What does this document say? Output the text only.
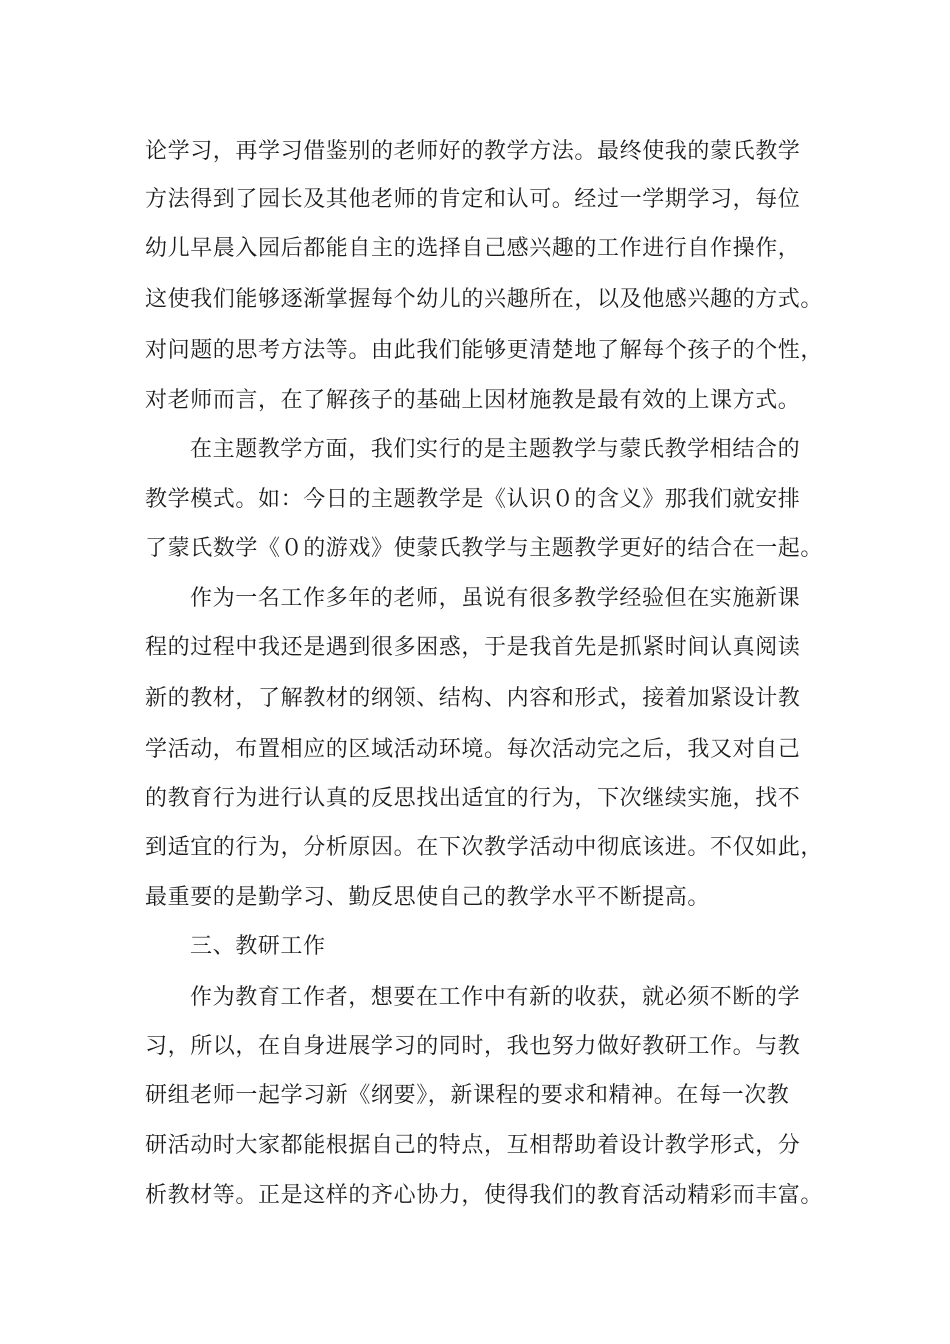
论学习，再学习借鉴别的老师好的教学方法。最终使我的蒙氏教学
方法得到了园长及其他老师的肯定和认可。经过一学期学习，每位
幼儿早晨入园后都能自主的选择自己感兴趣的工作进行自作操作，
这使我们能够逐渐掌握每个幼儿的兴趣所在，以及他感兴趣的方式。
对问题的思考方法等。由此我们能够更清楚地了解每个孩子的个性，
对老师而言，在了解孩子的基础上因材施教是最有效的上课方式。
在主题教学方面，我们实行的是主题教学与蒙氏教学相结合的
教学模式。如：今日的主题教学是《认识０的含义》那我们就安排
了蒙氏数学《０的游戏》使蒙氏教学与主题教学更好的结合在一起。
作为一名工作多年的老师，虽说有很多教学经验但在实施新课
程的过程中我还是遇到很多困惑，于是我首先是抓紧时间认真阅读
新的教材，了解教材的纲领、结构、内容和形式，接着加紧设计教
学活动，布置相应的区域活动环境。每次活动完之后，我又对自己
的教育行为进行认真的反思找出适宜的行为，下次继续实施，找不
到适宜的行为，分析原因。在下次教学活动中彻底该进。不仅如此，
最重要的是勤学习、勤反思使自己的教学水平不断提高。
三、教研工作
作为教育工作者，想要在工作中有新的收获，就必须不断的学
习，所以，在自身进展学习的同时，我也努力做好教研工作。与教
研组老师一起学习新《纲要》，新课程的要求和精神。在每一次教
研活动时大家都能根据自己的特点，互相帮助着设计教学形式，分
析教材等。正是这样的齐心协力，使得我们的教育活动精彩而丰富。
